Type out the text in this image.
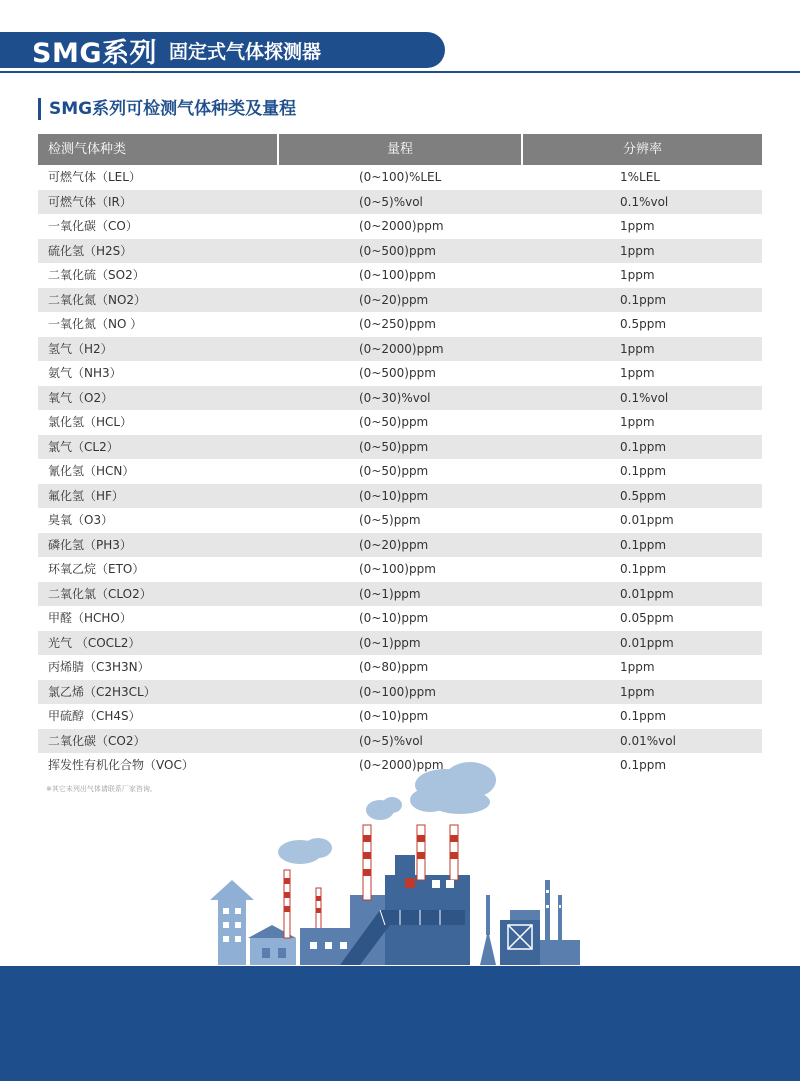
SMG系列 固定式气体探测器
SMG系列可检测气体种类及量程
检测气体种类	量程	分辨率
可燃气体（LEL）	(0~100)%LEL	1%LEL
可燃气体（IR）	(0~5)%vol	0.1%vol
一氧化碳（CO）	(0~2000)ppm	1ppm
硫化氢（H2S）	(0~500)ppm	1ppm
二氧化硫（SO2）	(0~100)ppm	1ppm
二氧化氮（NO2）	(0~20)ppm	0.1ppm
一氧化氮（NO ）	(0~250)ppm	0.5ppm
氢气（H2）	(0~2000)ppm	1ppm
氨气（NH3）	(0~500)ppm	1ppm
氧气（O2）	(0~30)%vol	0.1%vol
氯化氢（HCL）	(0~50)ppm	1ppm
氯气（CL2）	(0~50)ppm	0.1ppm
氰化氢（HCN）	(0~50)ppm	0.1ppm
氟化氢（HF）	(0~10)ppm	0.5ppm
臭氧（O3）	(0~5)ppm	0.01ppm
磷化氢（PH3）	(0~20)ppm	0.1ppm
环氧乙烷（ETO）	(0~100)ppm	0.1ppm
二氧化氯（CLO2）	(0~1)ppm	0.01ppm
甲醛（HCHO）	(0~10)ppm	0.05ppm
光气 （COCL2）	(0~1)ppm	0.01ppm
丙烯腈（C3H3N）	(0~80)ppm	1ppm
氯乙烯（C2H3CL）	(0~100)ppm	1ppm
甲硫醇（CH4S）	(0~10)ppm	0.1ppm
二氧化碳（CO2）	(0~5)%vol	0.01%vol
挥发性有机化合物（VOC）	(0~2000)ppm	0.1ppm
※其它未列出气体请联系厂家咨询。
